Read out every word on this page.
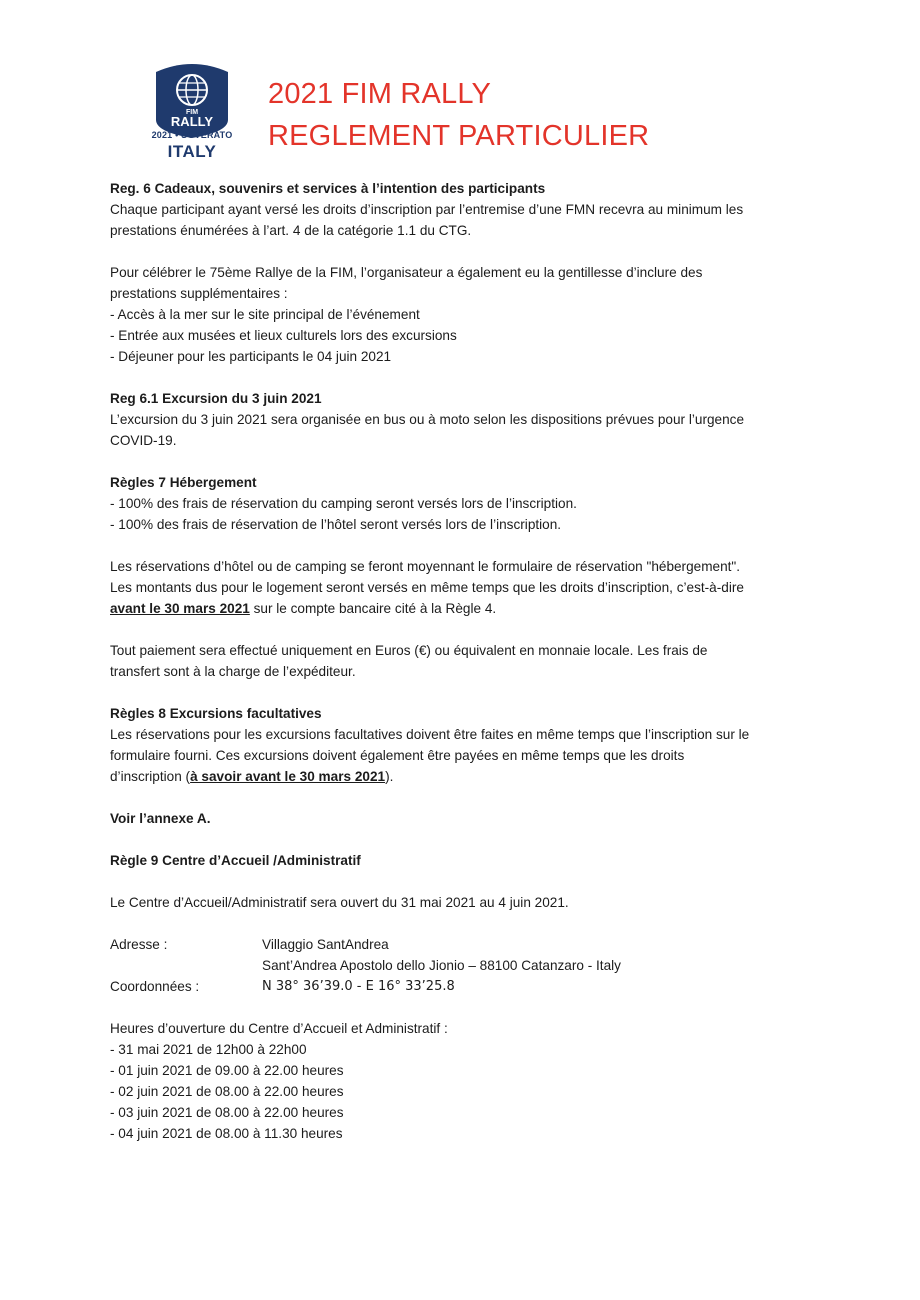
FIM
RALLY
2021 • SOVERATO
ITALY
2021 FIM RALLY
REGLEMENT PARTICULIER

Reg. 6 Cadeaux, souvenirs et services à l’intention des participants

Chaque participant ayant versé les droits d’inscription par l’entremise d’une FMN recevra au minimum les

prestations énumérées à l’art. 4 de la catégorie 1.1 du CTG.

Pour célébrer le 75ème Rallye de la FIM, l’organisateur a également eu la gentillesse d’inclure des

prestations supplémentaires :

- Accès à la mer sur le site principal de l’événement

- Entrée aux musées et lieux culturels lors des excursions

- Déjeuner pour les participants le 04 juin 2021

Reg 6.1 Excursion du 3 juin 2021

L’excursion du 3 juin 2021 sera organisée en bus ou à moto selon les dispositions prévues pour l’urgence

COVID-19.

Règles 7 Hébergement

- 100% des frais de réservation du camping seront versés lors de l’inscription.

- 100% des frais de réservation de l’hôtel seront versés lors de l’inscription.

Les réservations d’hôtel ou de camping se feront moyennant le formulaire de réservation "hébergement".

Les montants dus pour le logement seront versés en même temps que les droits d’inscription, c’est-à-dire

avant le 30 mars 2021 sur le compte bancaire cité à la Règle 4.

Tout paiement sera effectué uniquement en Euros (€) ou équivalent en monnaie locale. Les frais de

transfert sont à la charge de l’expéditeur.

Règles 8 Excursions facultatives

Les réservations pour les excursions facultatives doivent être faites en même temps que l’inscription sur le

formulaire fourni. Ces excursions doivent également être payées en même temps que les droits

d’inscription (à savoir avant le 30 mars 2021).

Voir l’annexe A.

Règle 9 Centre d’Accueil /Administratif

Le Centre d’Accueil/Administratif sera ouvert du 31 mai 2021 au 4 juin 2021.

Adresse :	Villaggio SantAndrea
Sant’Andrea Apostolo dello Jionio – 88100 Catanzaro - Italy
Coordonnées :	N 38° 36’39.0 - E 16° 33’25.8

Heures d’ouverture du Centre d’Accueil et Administratif :

- 31 mai 2021 de 12h00 à 22h00

- 01 juin 2021 de 09.00 à 22.00 heures

- 02 juin 2021 de 08.00 à 22.00 heures

- 03 juin 2021 de 08.00 à 22.00 heures

- 04 juin 2021 de 08.00 à 11.30 heures
